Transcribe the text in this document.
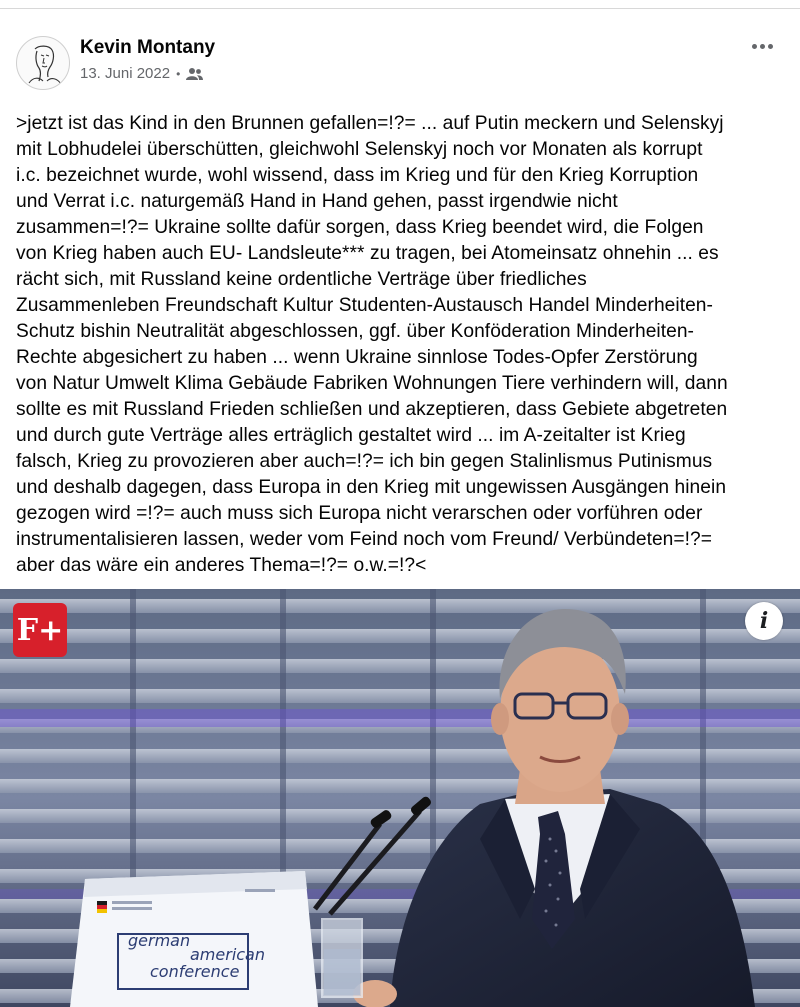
Kevin Montany
13. Juni 2022 •
>jetzt ist das Kind in den Brunnen gefallen=!?= ... auf Putin meckern und Selenskyj
mit Lobhudelei überschütten, gleichwohl Selenskyj noch vor Monaten als korrupt
i.c. bezeichnet wurde, wohl wissend, dass im Krieg und für den Krieg Korruption
und Verrat i.c. naturgemäß Hand in Hand gehen, passt irgendwie nicht
zusammen=!?= Ukraine sollte dafür sorgen, dass Krieg beendet wird, die Folgen
von Krieg haben auch EU- Landsleute*** zu tragen, bei Atomeinsatz ohnehin ... es
rächt sich, mit Russland keine ordentliche Verträge über friedliches
Zusammenleben Freundschaft Kultur Studenten-Austausch Handel Minderheiten-
Schutz bishin Neutralität abgeschlossen, ggf. über Konföderation Minderheiten-
Rechte abgesichert zu haben ... wenn Ukraine sinnlose Todes-Opfer Zerstörung
von Natur Umwelt Klima Gebäude Fabriken Wohnungen Tiere verhindern will, dann
sollte es mit Russland Frieden schließen und akzeptieren, dass Gebiete abgetreten
und durch gute Verträge alles erträglich gestaltet wird ... im A-zeitalter ist Krieg
falsch, Krieg zu provozieren aber auch=!?= ich bin gegen Stalinlismus Putinismus
und deshalb dagegen, dass Europa in den Krieg mit ungewissen Ausgängen hinein
gezogen wird =!?= auch muss sich Europa nicht verarschen oder vorführen oder
instrumentalisieren lassen, weder vom Feind noch vom Freund/ Verbündeten=!?=
aber das wäre ein anderes Thema=!?= o.w.=!?<
german
american
conference
F+	i
